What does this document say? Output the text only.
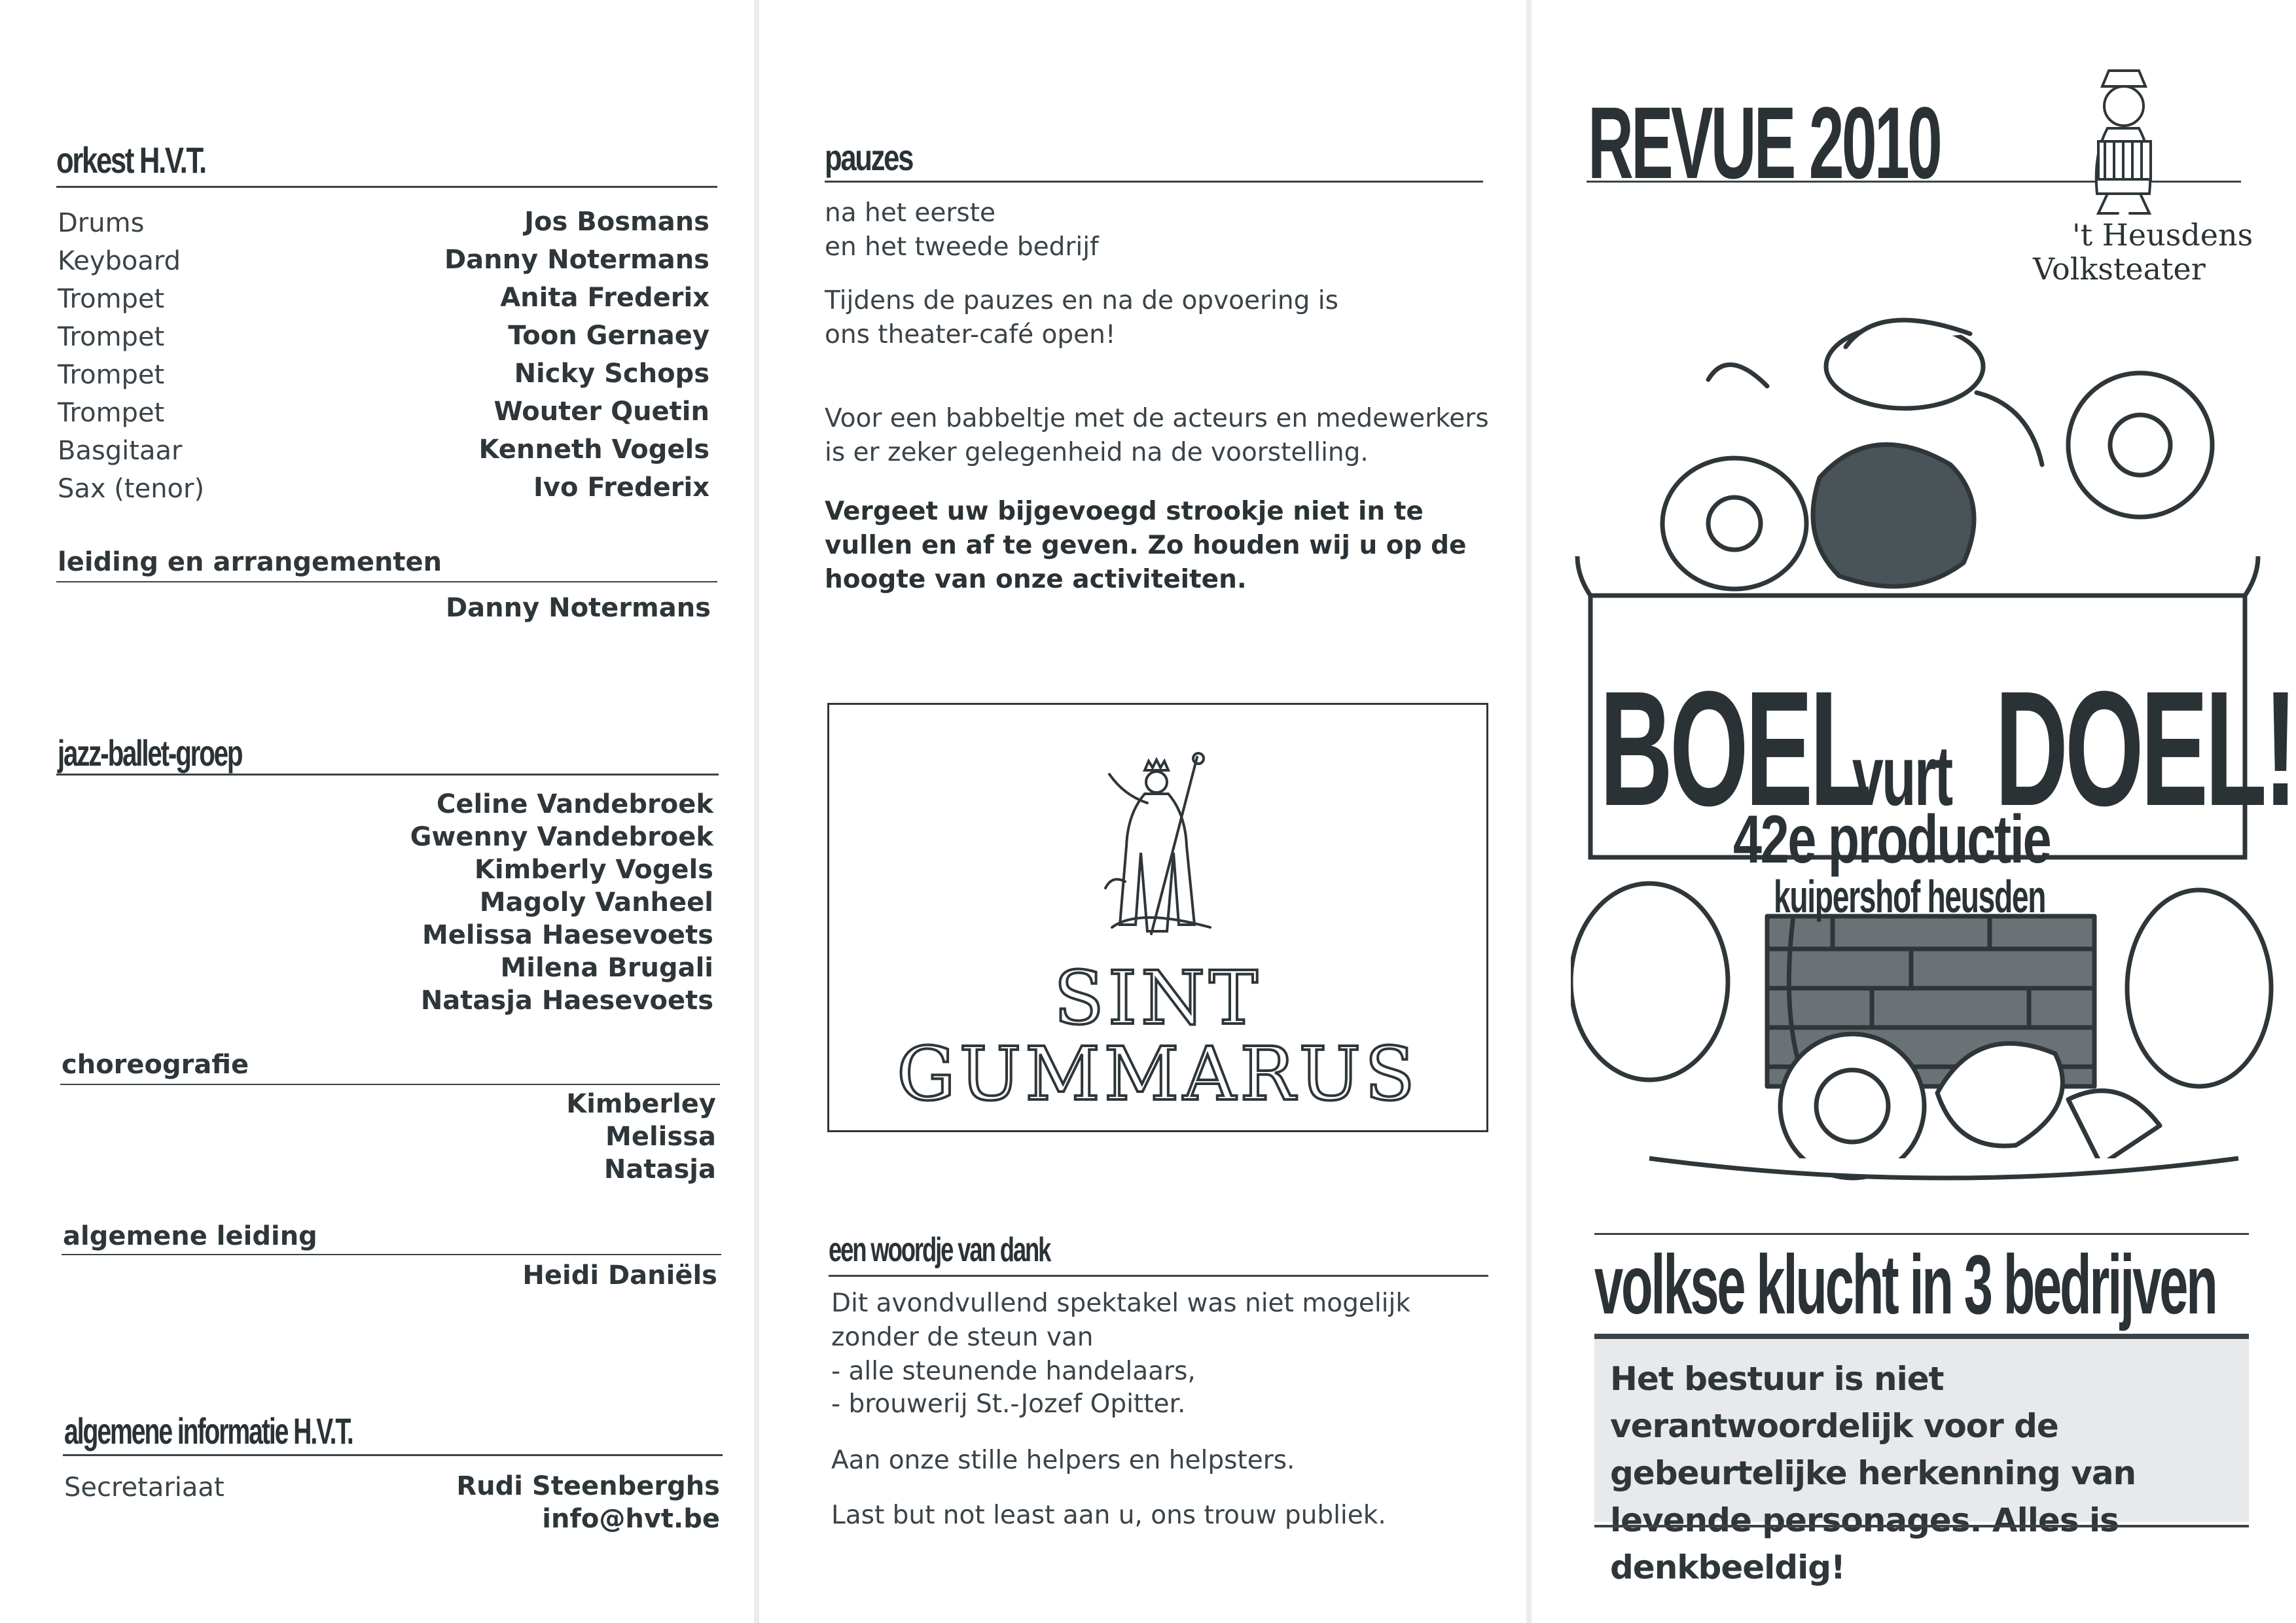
orkest H.V.T.
Drums	Jos Bosmans
Keyboard	Danny Notermans
Trompet	Anita Frederix
Trompet	Toon Gernaey
Trompet	Nicky Schops
Trompet	Wouter Quetin
Basgitaar	Kenneth Vogels
Sax (tenor)	Ivo Frederix
leiding en arrangementen
Danny Notermans
jazz-ballet-groep
Celine Vandebroek
Gwenny Vandebroek
Kimberly Vogels
Magoly Vanheel
Melissa Haesevoets
Milena Brugali
Natasja Haesevoets
choreografie
Kimberley
Melissa
Natasja
algemene leiding
Heidi Daniëls
algemene informatie H.V.T.
Secretariaat	Rudi Steenberghs
info@hvt.be
pauzes
na het eerste
en het tweede bedrijf
Tijdens de pauzes en na de opvoering is ons theater-café open!
Voor een babbeltje met de acteurs en medewerkers is er zeker gelegenheid na de voorstelling.
Vergeet uw bijgevoegd strookje niet in te vullen en af te geven. Zo houden wij u op de hoogte van onze activiteiten.
SINT
GUMMARUS
een woordje van dank
Dit avondvullend spektakel was niet mogelijk zonder de steun van
- alle steunende handelaars,
- brouwerij St.-Jozef Opitter.
Aan onze stille helpers en helpsters.
Last but not least aan u, ons trouw publiek.
REVUE 2010
't Heusdens
Volksteater
BOEL
vurt DOEL!
42e productie
kuipershof heusden
volkse klucht in 3 bedrijven
Het bestuur is niet verantwoordelijk voor de gebeurtelijke herkenning van levende personages. Alles is denkbeeldig!
